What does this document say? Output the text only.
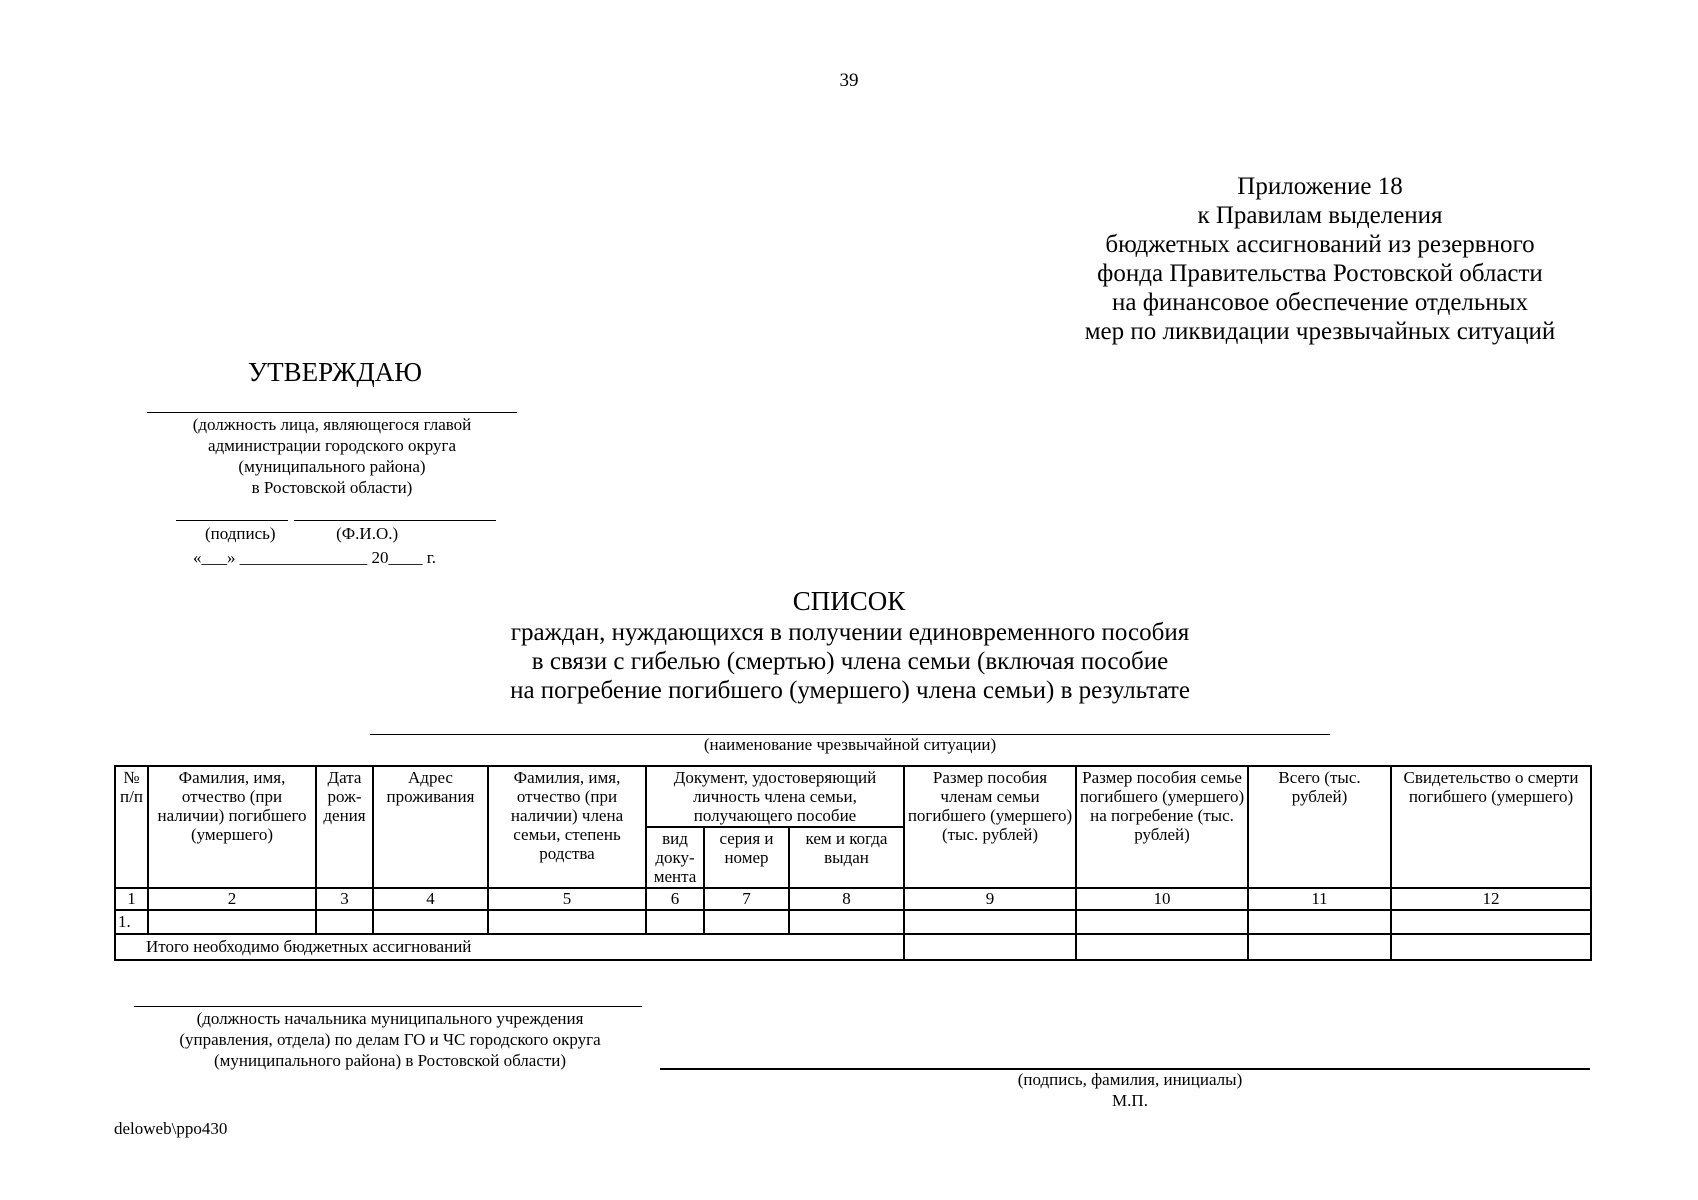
39
Приложение 18
к Правилам выделения
бюджетных ассигнований из резервного
фонда Правительства Ростовской области
на финансовое обеспечение отдельных
мер по ликвидации чрезвычайных ситуаций
УТВЕРЖДАЮ
(должность лица, являющегося главой
администрации городского округа
(муниципального района)
в Ростовской области)
(подпись)	(Ф.И.О.)
«___» _______________ 20____ г.
СПИСОК
граждан, нуждающихся в получении единовременного пособия
в связи с гибелью (смертью) члена семьи (включая пособие
на погребение погибшего (умершего) члена семьи) в результате
(наименование чрезвычайной ситуации)
№ п/п	Фамилия, имя, отчество (при наличии) погибшего (умершего)	Дата рож-дения	Адрес проживания	Фамилия, имя, отчество (при наличии) члена семьи, степень родства	Документ, удостоверяющий личность члена семьи, получающего пособие			Размер пособия членам семьи погибшего (умершего) (тыс. рублей)	Размер пособия семье погибшего (умершего) на погребение (тыс. рублей)	Всего (тыс. рублей)	Свидетельство о смерти погибшего (умершего)
					вид доку-мента	серия и номер	кем и когда выдан				
1	2	3	4	5	6	7	8	9	10	11	12
1.											
Итого необходимо бюджетных ассигнований											
(должность начальника муниципального учреждения
(управления, отдела) по делам ГО и ЧС городского округа
(муниципального района) в Ростовской области)
(подпись, фамилия, инициалы)
М.П.
deloweb\ppo430
